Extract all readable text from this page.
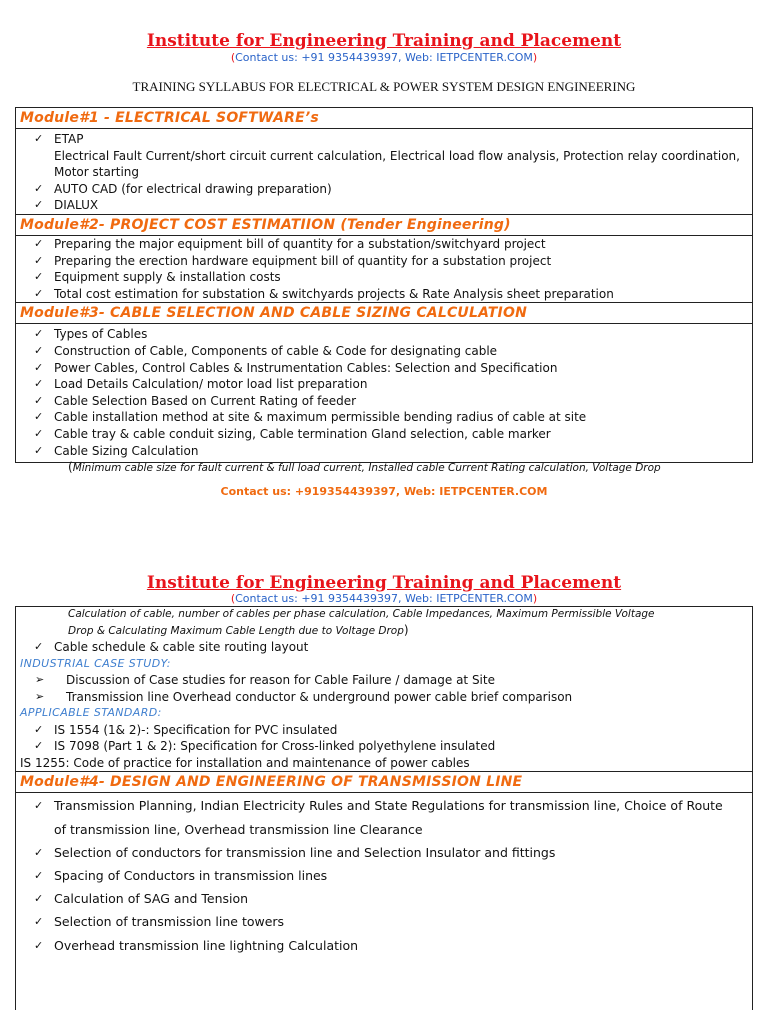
Institute for Engineering Training and Placement
(Contact us: +91 9354439397, Web: IETPCENTER.COM)
TRAINING SYLLABUS FOR ELECTRICAL & POWER SYSTEM DESIGN ENGINEERING
Module#1 - ELECTRICAL SOFTWARE’s
✓ ETAP
Electrical Fault Current/short circuit current calculation, Electrical load flow analysis, Protection relay coordination,
Motor starting
✓ AUTO CAD (for electrical drawing preparation)
✓ DIALUX
Module#2- PROJECT COST ESTIMATIION (Tender Engineering)
✓ Preparing the major equipment bill of quantity for a substation/switchyard project
✓ Preparing the erection hardware equipment bill of quantity for a substation project
✓ Equipment supply & installation costs
✓ Total cost estimation for substation & switchyards projects & Rate Analysis sheet preparation
Module#3- CABLE SELECTION AND CABLE SIZING CALCULATION
✓ Types of Cables
✓ Construction of Cable, Components of cable & Code for designating cable
✓ Power Cables, Control Cables & Instrumentation Cables: Selection and Specification
✓ Load Details Calculation/ motor load list preparation
✓ Cable Selection Based on Current Rating of feeder
✓ Cable installation method at site & maximum permissible bending radius of cable at site
✓ Cable tray & cable conduit sizing, Cable termination Gland selection, cable marker
✓ Cable Sizing Calculation
(Minimum cable size for fault current & full load current, Installed cable Current Rating calculation, Voltage Drop
Contact us: +919354439397, Web: IETPCENTER.COM
Institute for Engineering Training and Placement
(Contact us: +91 9354439397, Web: IETPCENTER.COM)
Calculation of cable, number of cables per phase calculation, Cable Impedances, Maximum Permissible Voltage
Drop & Calculating Maximum Cable Length due to Voltage Drop)
✓ Cable schedule & cable site routing layout
INDUSTRIAL CASE STUDY:
➢ Discussion of Case studies for reason for Cable Failure / damage at Site
➢ Transmission line Overhead conductor & underground power cable brief comparison
APPLICABLE STANDARD:
✓ IS 1554 (1& 2)-: Specification for PVC insulated
✓ IS 7098 (Part 1 & 2): Specification for Cross-linked polyethylene insulated
IS 1255: Code of practice for installation and maintenance of power cables
Module#4- DESIGN AND ENGINEERING OF TRANSMISSION LINE
✓ Transmission Planning, Indian Electricity Rules and State Regulations for transmission line, Choice of Route
of transmission line, Overhead transmission line Clearance
✓ Selection of conductors for transmission line and Selection Insulator and fittings
✓ Spacing of Conductors in transmission lines
✓ Calculation of SAG and Tension
✓ Selection of transmission line towers
✓ Overhead transmission line lightning Calculation
